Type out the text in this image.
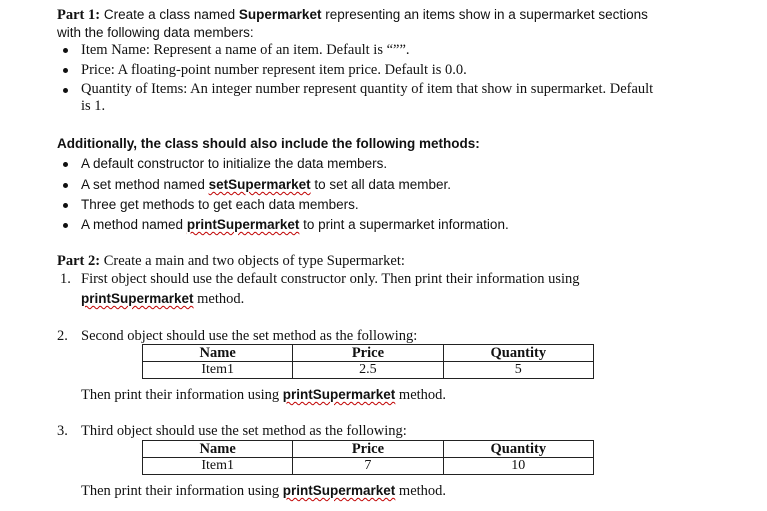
Part 1: Create a class named Supermarket representing an items show in a supermarket sections
with the following data members:
Item Name: Represent a name of an item. Default is “””.
Price: A floating-point number represent item price. Default is 0.0.
Quantity of Items: An integer number represent quantity of item that show in supermarket. Default
is 1.
Additionally, the class should also include the following methods:
A default constructor to initialize the data members.
A set method named setSupermarket to set all data member.
Three get methods to get each data members.
A method named printSupermarket to print a supermarket information.
Part 2: Create a main and two objects of type Supermarket:
1. First object should use the default constructor only. Then print their information using
printSupermarket method.
2. Second object should use the set method as the following:
Name	Price	Quantity
Item1	2.5	5
Then print their information using printSupermarket method.
3. Third object should use the set method as the following:
Name	Price	Quantity
Item1	7	10
Then print their information using printSupermarket method.
